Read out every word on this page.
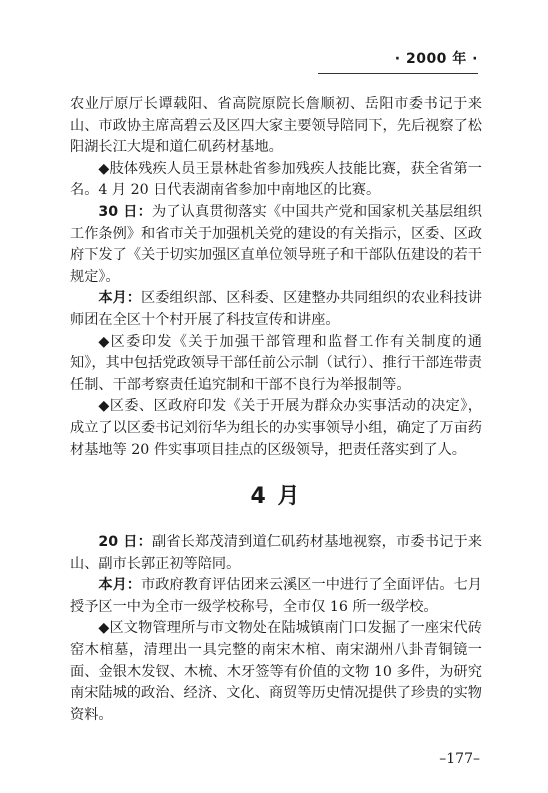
· 2000 年 ·

农业厅原厅长谭载阳、省高院原院长詹顺初、岳阳市委书记于来山、市政协主席高碧云及区四大家主要领导陪同下，先后视察了松阳湖长江大堤和道仁矶药材基地。

◆肢体残疾人员王景林赴省参加残疾人技能比赛，获全省第一名。4 月 20 日代表湖南省参加中南地区的比赛。

30 日：为了认真贯彻落实《中国共产党和国家机关基层组织工作条例》和省市关于加强机关党的建设的有关指示，区委、区政府下发了《关于切实加强区直单位领导班子和干部队伍建设的若干规定》。

本月：区委组织部、区科委、区建整办共同组织的农业科技讲师团在全区十个村开展了科技宣传和讲座。

◆区委印发《关于加强干部管理和监督工作有关制度的通知》，其中包括党政领导干部任前公示制（试行）、推行干部连带责任制、干部考察责任追究制和干部不良行为举报制等。

◆区委、区政府印发《关于开展为群众办实事活动的决定》，成立了以区委书记刘衍华为组长的办实事领导小组，确定了万亩药材基地等 20 件实事项目挂点的区级领导，把责任落实到了人。

4 月

20 日：副省长郑茂清到道仁矶药材基地视察，市委书记于来山、副市长郭正初等陪同。

本月：市政府教育评估团来云溪区一中进行了全面评估。七月授予区一中为全市一级学校称号，全市仅 16 所一级学校。

◆区文物管理所与市文物处在陆城镇南门口发掘了一座宋代砖窑木棺墓，清理出一具完整的南宋木棺、南宋湖州八卦青铜镜一面、金银木发钗、木梳、木牙签等有价值的文物 10 多件，为研究南宋陆城的政治、经济、文化、商贸等历史情况提供了珍贵的实物资料。

–177–
